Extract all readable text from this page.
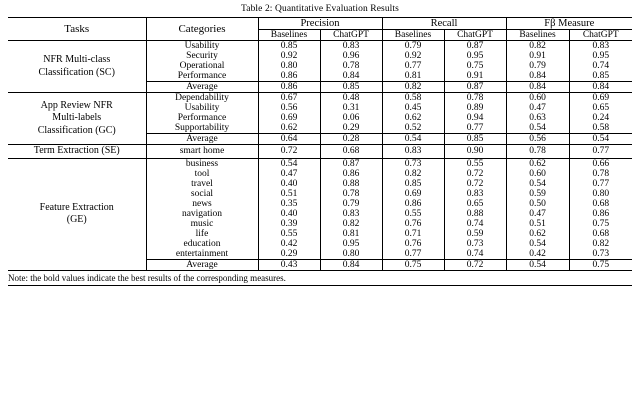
Table 2: Quantitative Evaluation Results
Tasks	Categories	Precision		Recall		Fβ Measure	
		Baselines	ChatGPT	Baselines	ChatGPT	Baselines	ChatGPT

NFR Multi-class
Classification (SC)	Usability	0.85	0.83	0.79	0.87	0.82	0.83
	Security	0.92	0.96	0.92	0.95	0.91	0.95
	Operational	0.80	0.78	0.77	0.75	0.79	0.74
	Performance	0.86	0.84	0.81	0.91	0.84	0.85
	Average	0.86	0.85	0.82	0.87	0.84	0.84

App Review NFR
Multi-labels
Classification (GC)	Dependability	0.67	0.48	0.58	0.78	0.60	0.69
	Usability	0.56	0.31	0.45	0.89	0.47	0.65
	Performance	0.69	0.06	0.62	0.94	0.63	0.24
	Supportability	0.62	0.29	0.52	0.77	0.54	0.58
	Average	0.64	0.28	0.54	0.85	0.56	0.54

Term Extraction (SE)	smart home	0.72	0.68	0.83	0.90	0.78	0.77

Feature Extraction
(GE)	business	0.54	0.87	0.73	0.55	0.62	0.66
	tool	0.47	0.86	0.82	0.72	0.60	0.78
	travel	0.40	0.88	0.85	0.72	0.54	0.77
	social	0.51	0.78	0.69	0.83	0.59	0.80
	news	0.35	0.79	0.86	0.65	0.50	0.68
	navigation	0.40	0.83	0.55	0.88	0.47	0.86
	music	0.39	0.82	0.76	0.74	0.51	0.75
	life	0.55	0.81	0.71	0.59	0.62	0.68
	education	0.42	0.95	0.76	0.73	0.54	0.82
	entertainment	0.29	0.80	0.77	0.74	0.42	0.73
	Average	0.43	0.84	0.75	0.72	0.54	0.75
Note: the bold values indicate the best results of the corresponding measures.
